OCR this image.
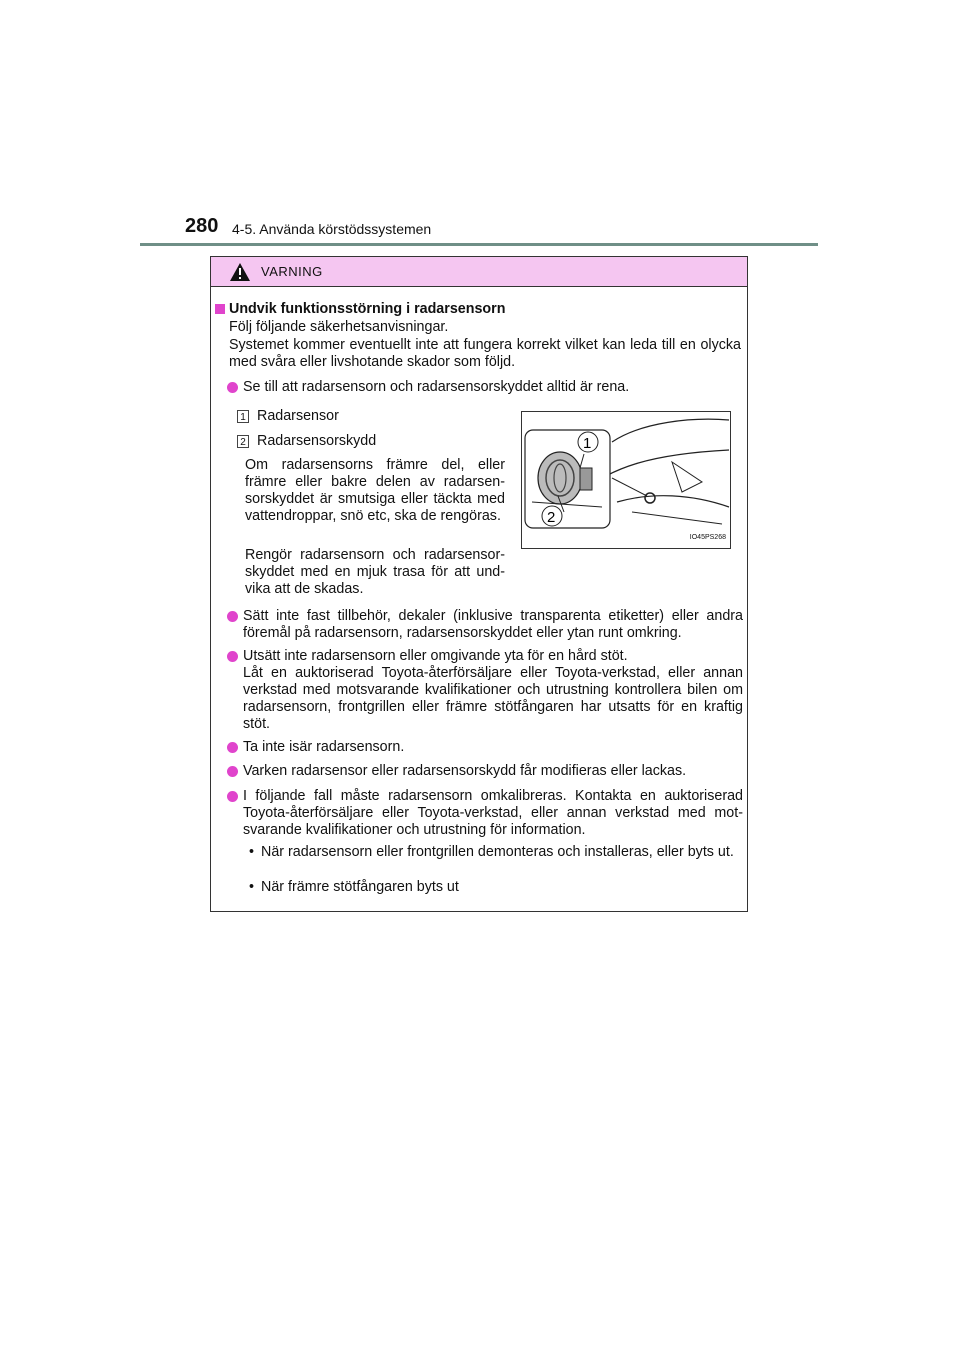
280 4-5. Använda körstödssystemen
VARNING
Undvik funktionsstörning i radarsensorn
Följ följande säkerhetsanvisningar.
Systemet kommer eventuellt inte att fungera korrekt vilket kan leda till en olycka med svåra eller livshotande skador som följd.
Se till att radarsensorn och radarsensorskyddet alltid är rena.
1 Radarsensor
2 Radarsensorskydd
Om radarsensorns främre del, eller främre eller bakre delen av radarsensorskyddet är smutsiga eller täckta med vattendroppar, snö etc, ska de rengöras.
Rengör radarsensorn och radarsensorskyddet med en mjuk trasa för att undvika att de skadas.
1
2
IO45PS268
Sätt inte fast tillbehör, dekaler (inklusive transparenta etiketter) eller andra föremål på radarsensorn, radarsensorskyddet eller ytan runt omkring.
Utsätt inte radarsensorn eller omgivande yta för en hård stöt.
Låt en auktoriserad Toyota-återförsäljare eller Toyota-verkstad, eller annan verkstad med motsvarande kvalifikationer och utrustning kontrollera bilen om radarsensorn, frontgrillen eller främre stötfångaren har utsatts för en kraftig stöt.
Ta inte isär radarsensorn.
Varken radarsensor eller radarsensorskydd får modifieras eller lackas.
I följande fall måste radarsensorn omkalibreras. Kontakta en auktoriserad Toyota-återförsäljare eller Toyota-verkstad, eller annan verkstad med motsvarande kvalifikationer och utrustning för information.
• När radarsensorn eller frontgrillen demonteras och installeras, eller byts ut.
• När främre stötfångaren byts ut
